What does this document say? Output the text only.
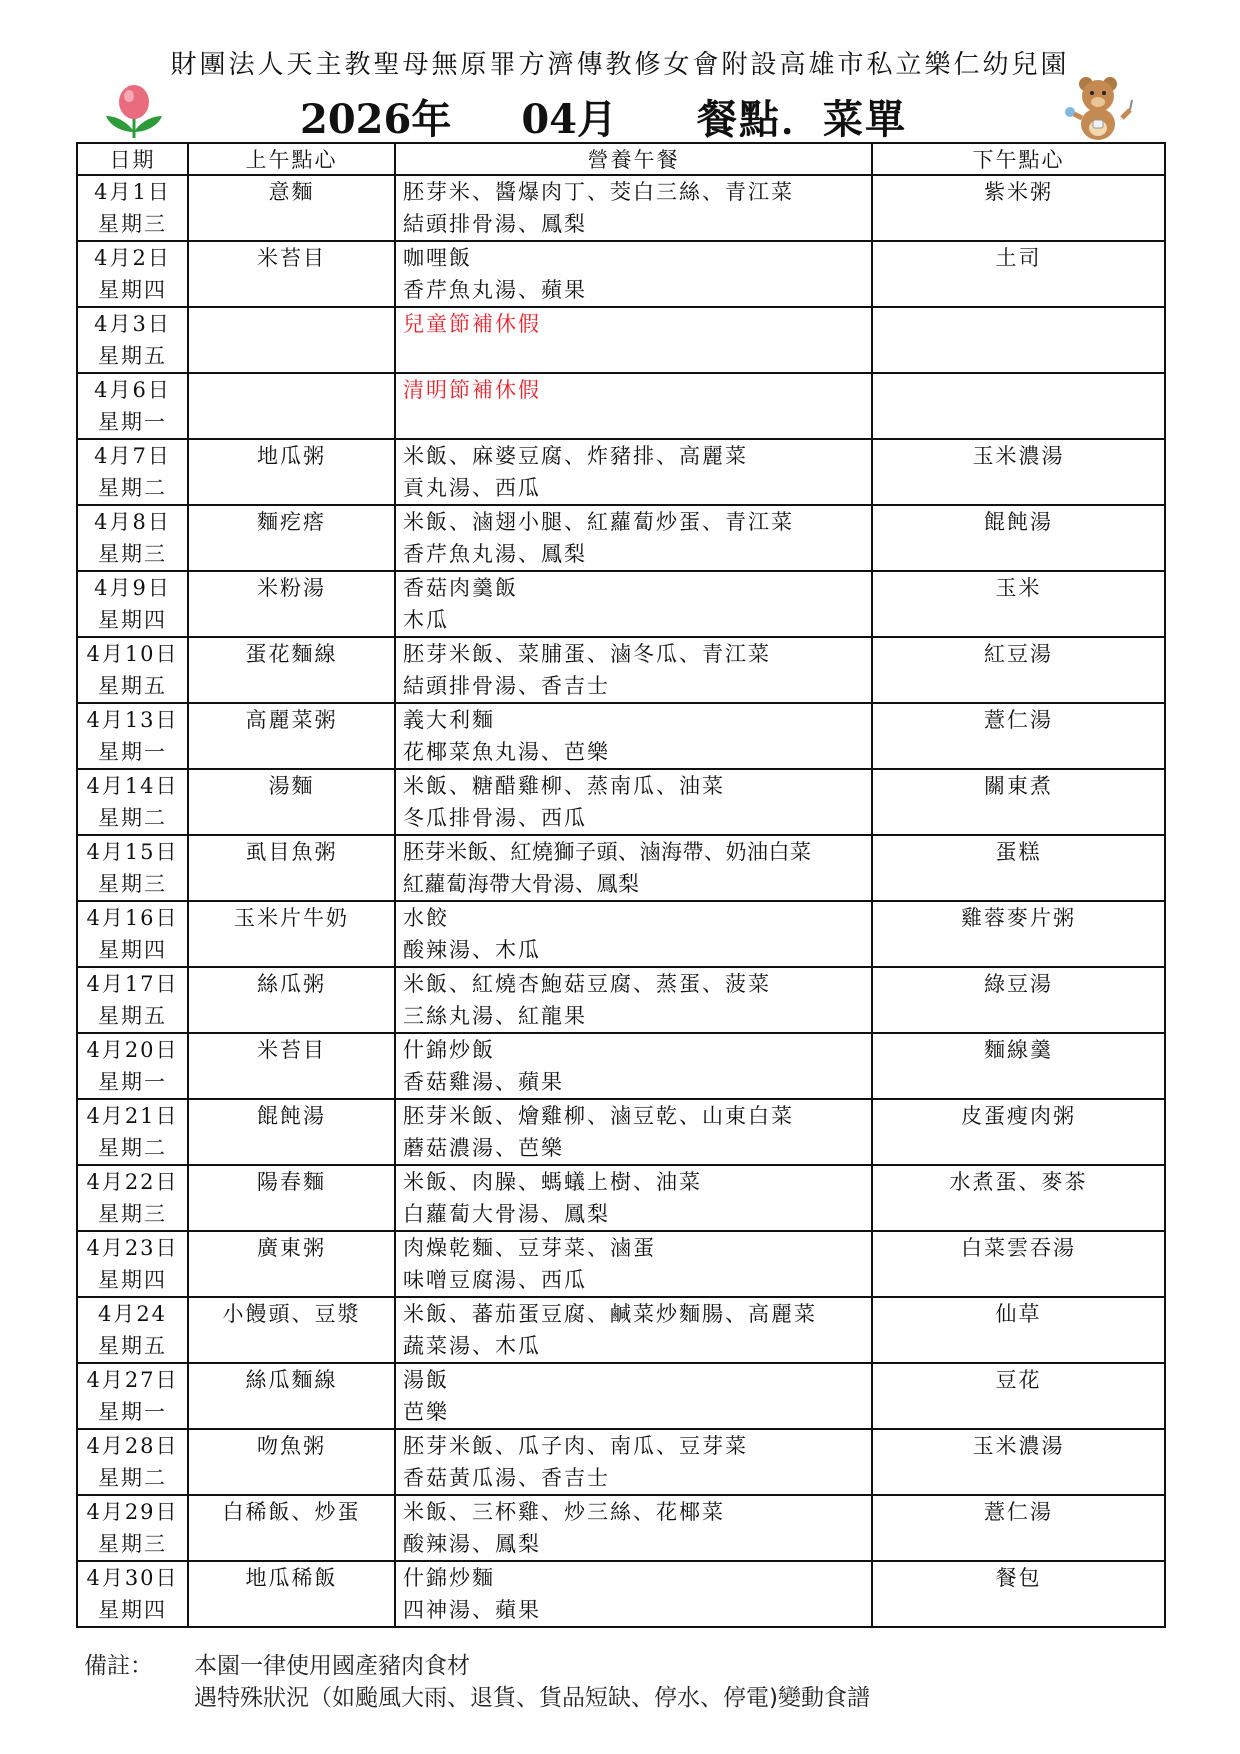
財團法人天主教聖母無原罪方濟傳教修女會附設高雄市私立樂仁幼兒園
2026年 04月 餐點．菜單
日期	上午點心	營養午餐	下午點心

4月1日
星期三	意麵	胚芽米、醬爆肉丁、茭白三絲、青江菜
結頭排骨湯、鳳梨	紫米粥

4月2日
星期四	米苔目	咖哩飯
香芹魚丸湯、蘋果	土司

4月3日
星期五		兒童節補休假	

4月6日
星期一		清明節補休假	

4月7日
星期二	地瓜粥	米飯、麻婆豆腐、炸豬排、高麗菜
貢丸湯、西瓜	玉米濃湯

4月8日
星期三	麵疙瘩	米飯、滷翅小腿、紅蘿蔔炒蛋、青江菜
香芹魚丸湯、鳳梨	餛飩湯

4月9日
星期四	米粉湯	香菇肉羹飯
木瓜	玉米

4月10日
星期五	蛋花麵線	胚芽米飯、菜脯蛋、滷冬瓜、青江菜
結頭排骨湯、香吉士	紅豆湯

4月13日
星期一	高麗菜粥	義大利麵
花椰菜魚丸湯、芭樂	薏仁湯

4月14日
星期二	湯麵	米飯、糖醋雞柳、蒸南瓜、油菜
冬瓜排骨湯、西瓜	關東煮

4月15日
星期三	虱目魚粥	胚芽米飯、紅燒獅子頭、滷海帶、奶油白菜
紅蘿蔔海帶大骨湯、鳳梨	蛋糕

4月16日
星期四	玉米片牛奶	水餃
酸辣湯、木瓜	雞蓉麥片粥

4月17日
星期五	絲瓜粥	米飯、紅燒杏鮑菇豆腐、蒸蛋、菠菜
三絲丸湯、紅龍果	綠豆湯

4月20日
星期一	米苔目	什錦炒飯
香菇雞湯、蘋果	麵線羹

4月21日
星期二	餛飩湯	胚芽米飯、燴雞柳、滷豆乾、山東白菜
蘑菇濃湯、芭樂	皮蛋瘦肉粥

4月22日
星期三	陽春麵	米飯、肉臊、螞蟻上樹、油菜
白蘿蔔大骨湯、鳳梨	水煮蛋、麥茶

4月23日
星期四	廣東粥	肉燥乾麵、豆芽菜、滷蛋
味噌豆腐湯、西瓜	白菜雲吞湯

4月24
星期五	小饅頭、豆漿	米飯、蕃茄蛋豆腐、鹹菜炒麵腸、高麗菜
蔬菜湯、木瓜	仙草

4月27日
星期一	絲瓜麵線	湯飯
芭樂	豆花

4月28日
星期二	吻魚粥	胚芽米飯、瓜子肉、南瓜、豆芽菜
香菇黃瓜湯、香吉士	玉米濃湯

4月29日
星期三	白稀飯、炒蛋	米飯、三杯雞、炒三絲、花椰菜
酸辣湯、鳳梨	薏仁湯

4月30日
星期四	地瓜稀飯	什錦炒麵
四神湯、蘋果	餐包
備註： 本園一律使用國產豬肉食材
遇特殊狀況（如颱風大雨、退貨、貨品短缺、停水、停電)變動食譜
